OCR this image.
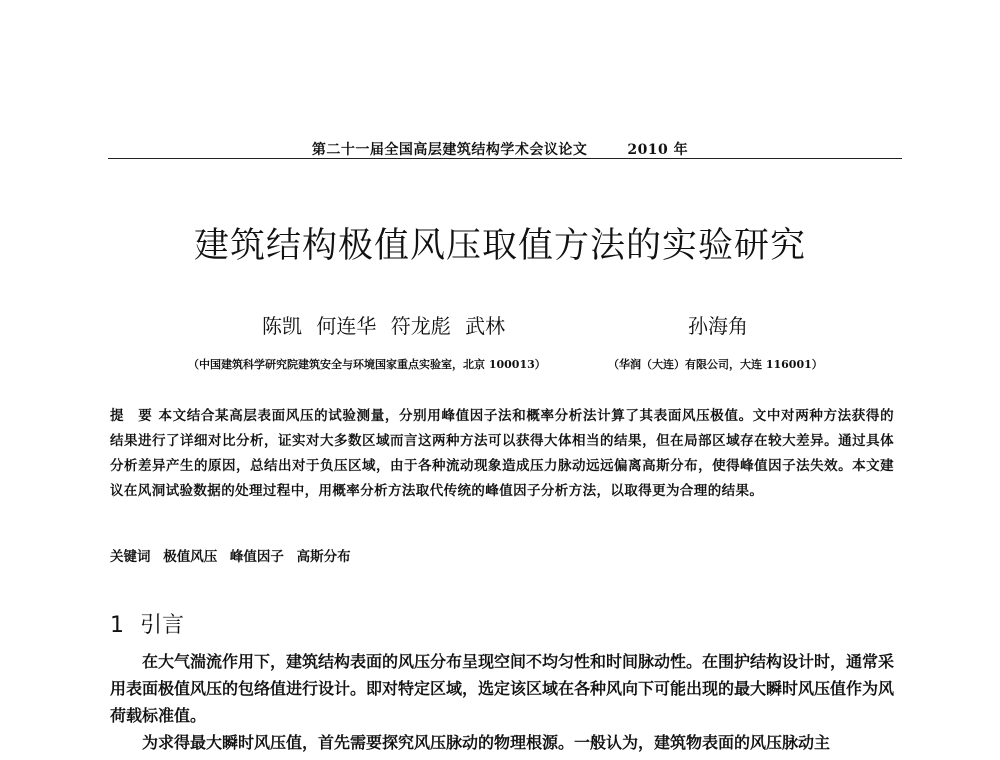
第二十一届全国高层建筑结构学术会议论文	2010 年
建筑结构极值风压取值方法的实验研究
陈凯 何连华 符龙彪 武林	孙海角
（中国建筑科学研究院建筑安全与环境国家重点实验室，北京 100013）	（华润（大连）有限公司，大连 116001）
提　要 本文结合某高层表面风压的试验测量，分别用峰值因子法和概率分析法计算了其表面风压极值。文中对两种方法获得的结果进行了详细对比分析，证实对大多数区域而言这两种方法可以获得大体相当的结果，但在局部区域存在较大差异。通过具体分析差异产生的原因，总结出对于负压区域，由于各种流动现象造成压力脉动远远偏离高斯分布，使得峰值因子法失效。本文建议在风洞试验数据的处理过程中，用概率分析方法取代传统的峰值因子分析方法，以取得更为合理的结果。
关键词 极值风压 峰值因子 高斯分布
1 引言

在大气湍流作用下，建筑结构表面的风压分布呈现空间不均匀性和时间脉动性。在围护结构设计时，通常采用表面极值风压的包络值进行设计。即对特定区域，选定该区域在各种风向下可能出现的最大瞬时风压值作为风荷载标准值。

为求得最大瞬时风压值，首先需要探究风压脉动的物理根源。一般认为，建筑物表面的风压脉动主
